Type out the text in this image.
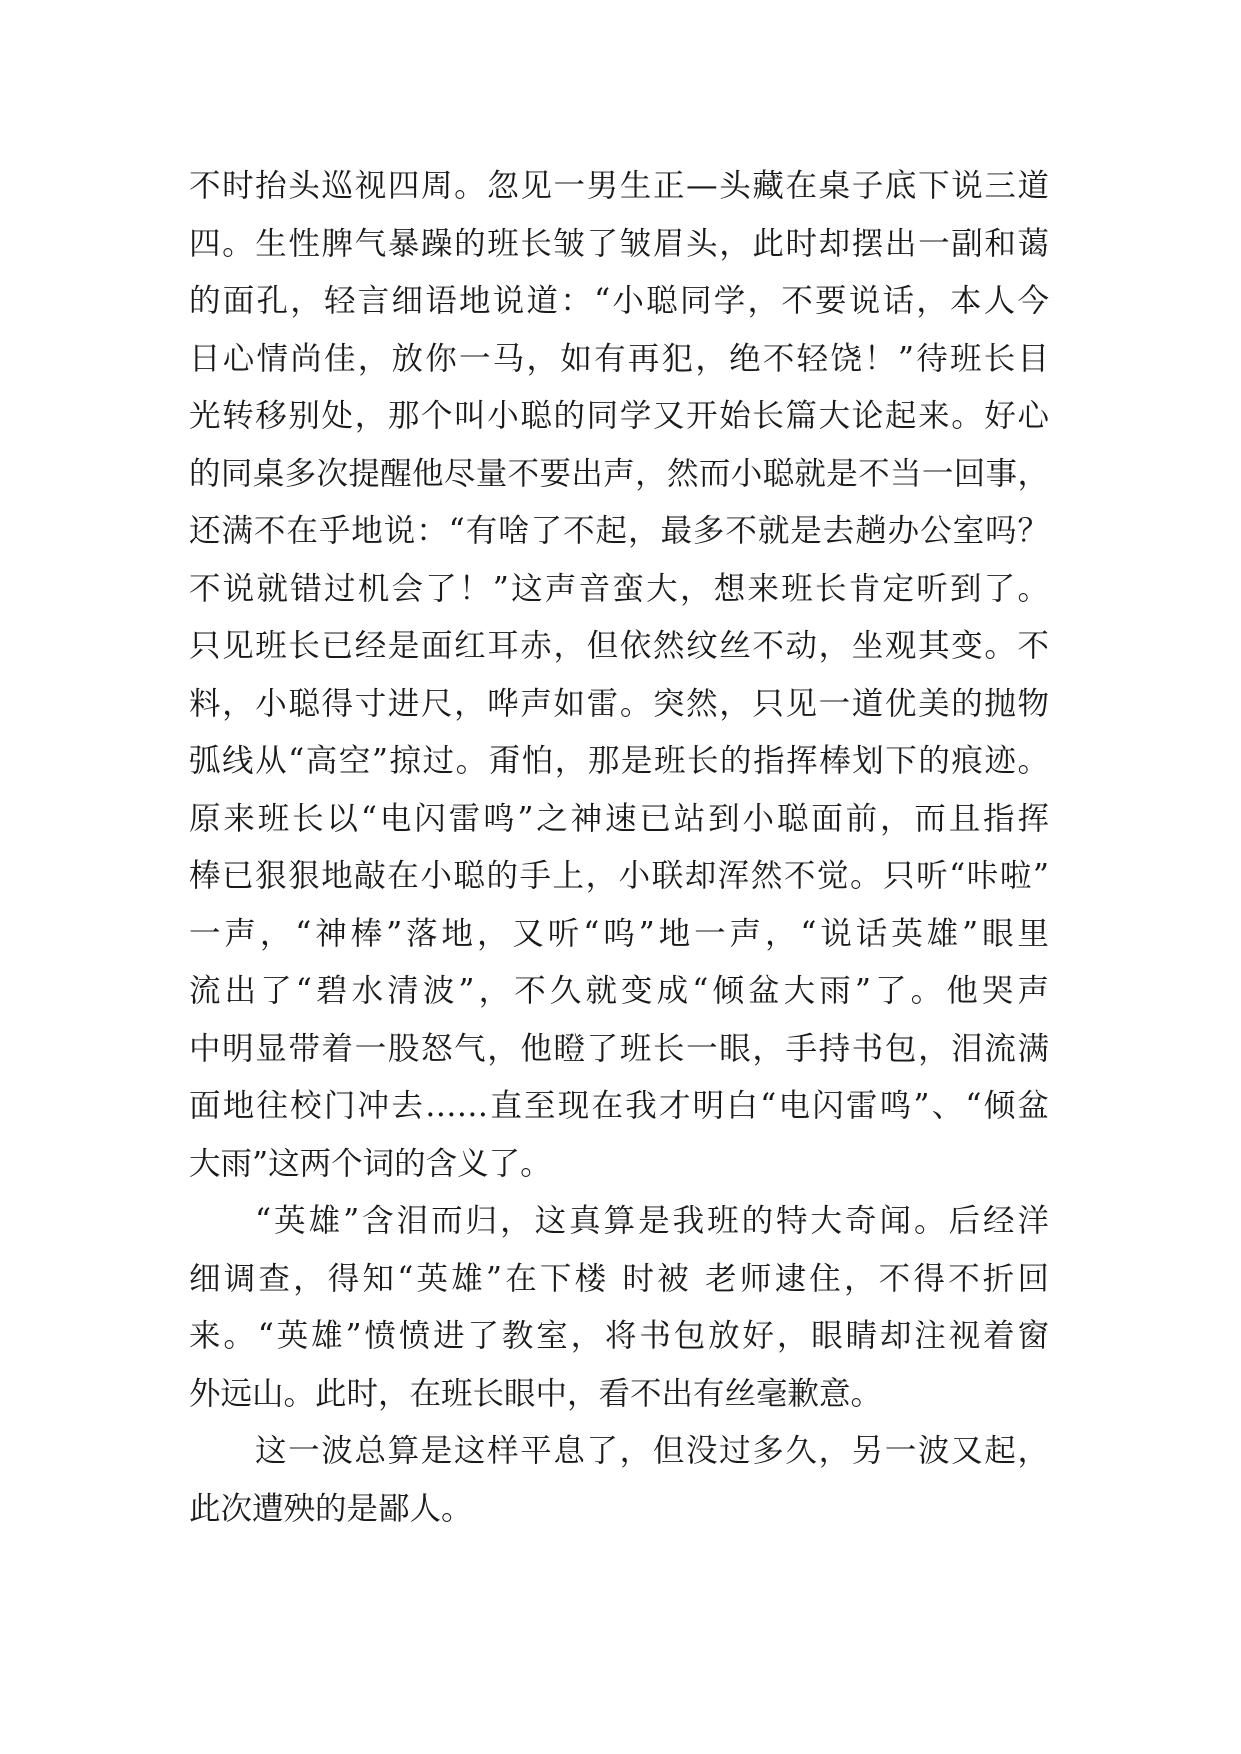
不时抬头巡视四周。忽见一男生正—头藏在桌子底下说三道
四。生性脾气暴躁的班长皱了皱眉头，此时却摆出一副和蔼
的面孔，轻言细语地说道：“小聪同学，不要说话，本人今
日心情尚佳，放你一马，如有再犯，绝不轻饶！”待班长目
光转移别处，那个叫小聪的同学又开始长篇大论起来。好心
的同桌多次提醒他尽量不要出声，然而小聪就是不当一回事，
还满不在乎地说：“有啥了不起，最多不就是去趟办公室吗？
不说就错过机会了！”这声音蛮大，想来班长肯定听到了。
只见班长已经是面红耳赤，但依然纹丝不动，坐观其变。不
料，小聪得寸进尺，哗声如雷。突然，只见一道优美的抛物
弧线从“高空”掠过。甭怕，那是班长的指挥棒划下的痕迹。
原来班长以“电闪雷鸣”之神速已站到小聪面前，而且指挥
棒已狠狠地敲在小聪的手上，小联却浑然不觉。只听“咔啦”
一声，“神棒”落地，又听“呜”地一声，“说话英雄”眼里
流出了“碧水清波”，不久就变成“倾盆大雨”了。他哭声
中明显带着一股怒气，他瞪了班长一眼，手持书包，泪流满
面地往校门冲去……直至现在我才明白“电闪雷鸣”、“倾盆
大雨”这两个词的含义了。
“英雄”含泪而归，这真算是我班的特大奇闻。后经洋
细调查，得知“英雄”在下楼 时被 老师逮住，不得不折回
来。“英雄”愤愤进了教室，将书包放好，眼睛却注视着窗
外远山。此时，在班长眼中，看不出有丝毫歉意。
这一波总算是这样平息了，但没过多久，另一波又起，
此次遭殃的是鄙人。
